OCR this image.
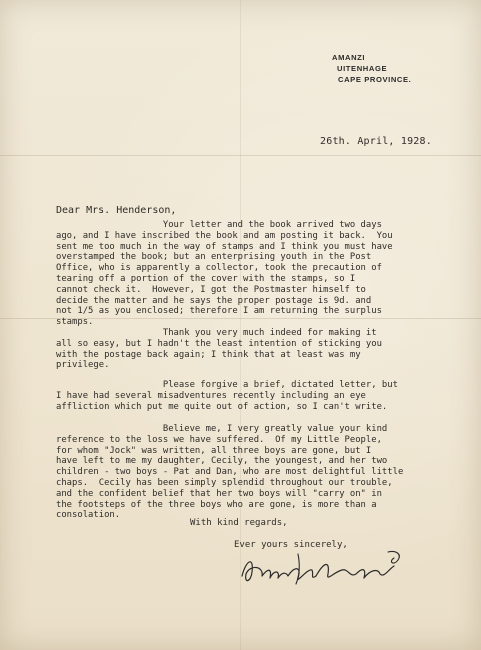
AMANZI
UITENHAGE
CAPE PROVINCE.
26th. April, 1928.
Dear Mrs. Henderson,
Your letter and the book arrived two days
ago, and I have inscribed the book and am posting it back.  You
sent me too much in the way of stamps and I think you must have
overstamped the book; but an enterprising youth in the Post
Office, who is apparently a collector, took the precaution of
tearing off a portion of the cover with the stamps, so I
cannot check it.  However, I got the Postmaster himself to
decide the matter and he says the proper postage is 9d. and
not 1/5 as you enclosed; therefore I am returning the surplus
stamps.
Thank you very much indeed for making it
all so easy, but I hadn't the least intention of sticking you
with the postage back again; I think that at least was my
privilege.
Please forgive a brief, dictated letter, but
I have had several misadventures recently including an eye
affliction which put me quite out of action, so I can't write.
Believe me, I very greatly value your kind
reference to the loss we have suffered.  Of my Little People,
for whom "Jock" was written, all three boys are gone, but I
have left to me my daughter, Cecily, the youngest, and her two
children - two boys - Pat and Dan, who are most delightful little
chaps.  Cecily has been simply splendid throughout our trouble,
and the confident belief that her two boys will "carry on" in
the footsteps of the three boys who are gone, is more than a
consolation.
With kind regards,
Ever yours sincerely,
